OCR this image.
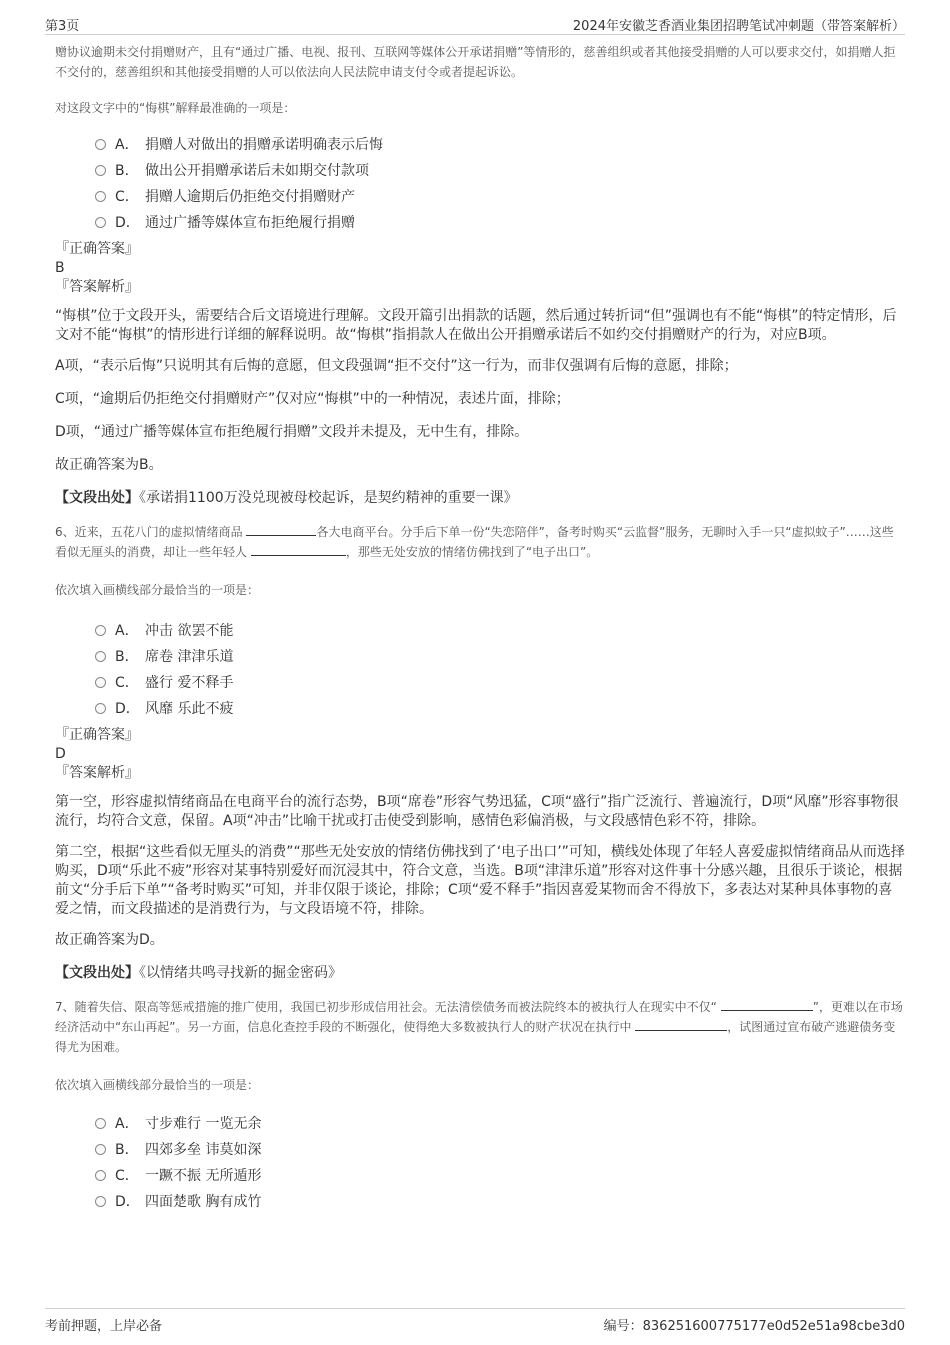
第3页	2024年安徽芝香酒业集团招聘笔试冲刺题（带答案解析）

赠协议逾期未交付捐赠财产，且有“通过广播、电视、报刊、互联网等媒体公开承诺捐赠”等情形的，慈善组织或者其他接受捐赠的人可以要求交付，如捐赠人拒不交付的，慈善组织和其他接受捐赠的人可以依法向人民法院申请支付令或者提起诉讼。

对这段文字中的“悔棋”解释最准确的一项是：

A． 捐赠人对做出的捐赠承诺明确表示后悔
B． 做出公开捐赠承诺后未如期交付款项
C． 捐赠人逾期后仍拒绝交付捐赠财产
D． 通过广播等媒体宣布拒绝履行捐赠

『正确答案』

B

『答案解析』

“悔棋”位于文段开头，需要结合后文语境进行理解。文段开篇引出捐款的话题，然后通过转折词“但”强调也有不能“悔棋”的特定情形，后文对不能“悔棋”的情形进行详细的解释说明。故“悔棋”指捐款人在做出公开捐赠承诺后不如约交付捐赠财产的行为，对应B项。

A项，“表示后悔”只说明其有后悔的意愿，但文段强调“拒不交付”这一行为，而非仅强调有后悔的意愿，排除；

C项，“逾期后仍拒绝交付捐赠财产”仅对应“悔棋”中的一种情况，表述片面，排除；

D项，“通过广播等媒体宣布拒绝履行捐赠”文段并未提及，无中生有，排除。

故正确答案为B。

【文段出处】《承诺捐1100万没兑现被母校起诉，是契约精神的重要一课》

6、近来，五花八门的虚拟情绪商品	各大电商平台。分手后下单一份“失恋陪伴”，备考时购买“云监督”服务，无聊时入手一只“虚拟蚊子”……这些看似无厘头的消费，却让一些年轻人	，那些无处安放的情绪仿佛找到了“电子出口”。

依次填入画横线部分最恰当的一项是：

A． 冲击 欲罢不能
B． 席卷 津津乐道
C． 盛行 爱不释手
D． 风靡 乐此不疲

『正确答案』

D

『答案解析』

第一空，形容虚拟情绪商品在电商平台的流行态势，B项“席卷”形容气势迅猛，C项“盛行”指广泛流行、普遍流行，D项“风靡”形容事物很流行，均符合文意，保留。A项“冲击”比喻干扰或打击使受到影响，感情色彩偏消极，与文段感情色彩不符，排除。

第二空，根据“这些看似无厘头的消费”“那些无处安放的情绪仿佛找到了‘电子出口’”可知，横线处体现了年轻人喜爱虚拟情绪商品从而选择购买，D项“乐此不疲”形容对某事特别爱好而沉浸其中，符合文意，当选。B项“津津乐道”形容对这件事十分感兴趣，且很乐于谈论，根据前文“分手后下单”“备考时购买”可知，并非仅限于谈论，排除；C项“爱不释手”指因喜爱某物而舍不得放下，多表达对某种具体事物的喜爱之情，而文段描述的是消费行为，与文段语境不符，排除。

故正确答案为D。

【文段出处】《以情绪共鸣寻找新的掘金密码》

7、随着失信、限高等惩戒措施的推广使用，我国已初步形成信用社会。无法清偿债务而被法院终本的被执行人在现实中不仅“	”，更难以在市场经济活动中“东山再起”。另一方面，信息化查控手段的不断强化，使得绝大多数被执行人的财产状况在执行中	，试图通过宣布破产逃避债务变得尤为困难。

依次填入画横线部分最恰当的一项是：

A． 寸步难行 一览无余
B． 四郊多垒 讳莫如深
C． 一蹶不振 无所遁形
D． 四面楚歌 胸有成竹
考前押题，上岸必备	编号：836251600775177e0d52e51a98cbe3d0
